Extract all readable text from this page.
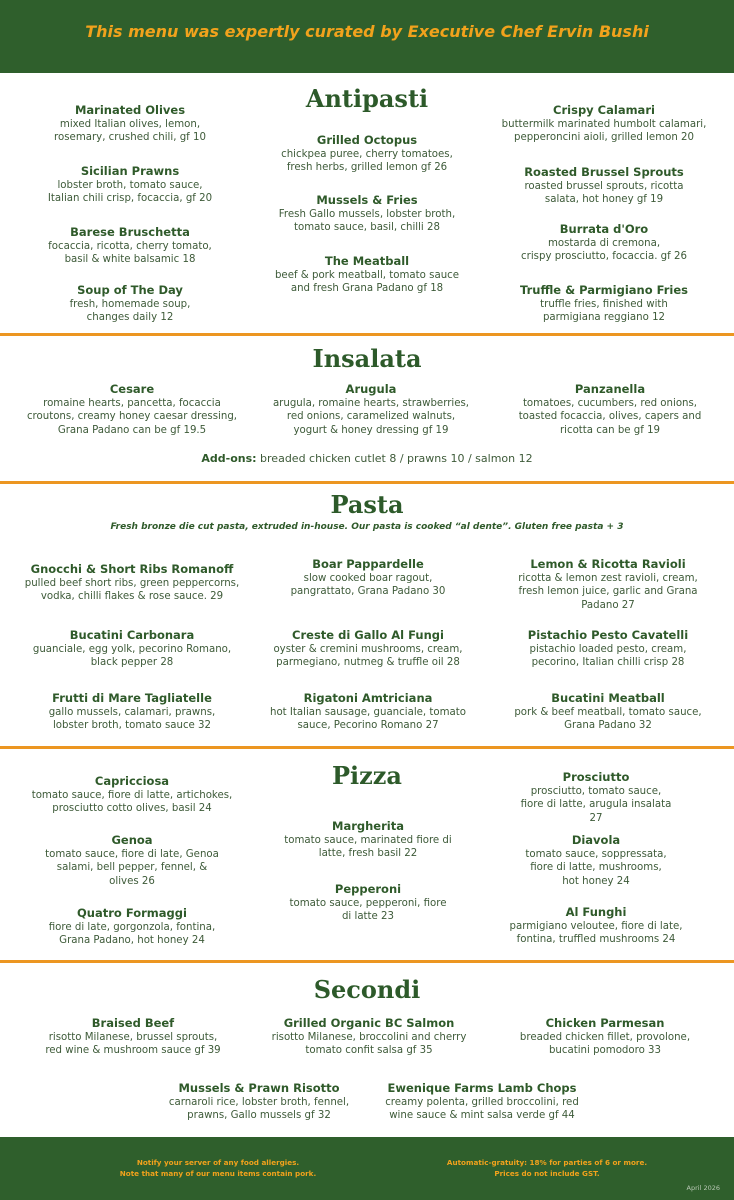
This menu was expertly curated by Executive Chef Ervin Bushi
Antipasti
Marinated Olives
mixed Italian olives, lemon,
rosemary, crushed chili, gf 10
Sicilian Prawns
lobster broth, tomato sauce,
Italian chili crisp, focaccia, gf 20
Barese Bruschetta
focaccia, ricotta, cherry tomato,
basil & white balsamic 18
Soup of The Day
fresh, homemade soup,
changes daily 12
Grilled Octopus
chickpea puree, cherry tomatoes,
fresh herbs, grilled lemon gf 26
Mussels & Fries
Fresh Gallo mussels, lobster broth,
tomato sauce, basil, chilli 28
The Meatball
beef & pork meatball, tomato sauce
and fresh Grana Padano gf 18
Crispy Calamari
buttermilk marinated humbolt calamari,
pepperoncini aioli, grilled lemon 20
Roasted Brussel Sprouts
roasted brussel sprouts, ricotta
salata, hot honey gf 19
Burrata d'Oro
mostarda di cremona,
crispy prosciutto, focaccia. gf 26
Truffle & Parmigiano Fries
truffle fries, finished with
parmigiana reggiano 12
Insalata
Cesare
romaine hearts, pancetta, focaccia
croutons, creamy honey caesar dressing,
Grana Padano can be gf 19.5
Arugula
arugula, romaine hearts, strawberries,
red onions, caramelized walnuts,
yogurt & honey dressing gf 19
Panzanella
tomatoes, cucumbers, red onions,
toasted focaccia, olives, capers and
ricotta can be gf 19
Add-ons: breaded chicken cutlet 8 / prawns 10 / salmon 12
Pasta
Fresh bronze die cut pasta, extruded in-house. Our pasta is cooked “al dente”. Gluten free pasta + 3
Gnocchi & Short Ribs Romanoff
pulled beef short ribs, green peppercorns,
vodka, chilli flakes & rose sauce. 29
Bucatini Carbonara
guanciale, egg yolk, pecorino Romano,
black pepper 28
Frutti di Mare Tagliatelle
gallo mussels, calamari, prawns,
lobster broth, tomato sauce 32
Boar Pappardelle
slow cooked boar ragout,
pangrattato, Grana Padano 30
Creste di Gallo Al Fungi
oyster & cremini mushrooms, cream,
parmegiano, nutmeg & truffle oil 28
Rigatoni Amtriciana
hot Italian sausage, guanciale, tomato
sauce, Pecorino Romano 27
Lemon & Ricotta Ravioli
ricotta & lemon zest ravioli, cream,
fresh lemon juice, garlic and Grana
Padano 27
Pistachio Pesto Cavatelli
pistachio loaded pesto, cream,
pecorino, Italian chilli crisp 28
Bucatini Meatball
pork & beef meatball, tomato sauce,
Grana Padano 32
Pizza
Capricciosa
tomato sauce, fiore di latte, artichokes,
prosciutto cotto olives, basil 24
Genoa
tomato sauce, fiore di late, Genoa
salami, bell pepper, fennel, &
olives 26
Quatro Formaggi
fiore di late, gorgonzola, fontina,
Grana Padano, hot honey 24
Margherita
tomato sauce, marinated fiore di
latte, fresh basil 22
Pepperoni
tomato sauce, pepperoni, fiore
di latte 23
Prosciutto
prosciutto, tomato sauce,
fiore di latte, arugula insalata
27
Diavola
tomato sauce, soppressata,
fiore di latte, mushrooms,
hot honey 24
Al Funghi
parmigiano veloutee, fiore di late,
fontina, truffled mushrooms 24
Secondi
Braised Beef
risotto Milanese, brussel sprouts,
red wine & mushroom sauce gf 39
Grilled Organic BC Salmon
risotto Milanese, broccolini and cherry
tomato confit salsa gf 35
Chicken Parmesan
breaded chicken fillet, provolone,
bucatini pomodoro 33
Mussels & Prawn Risotto
carnaroli rice, lobster broth, fennel,
prawns, Gallo mussels gf 32
Ewenique Farms Lamb Chops
creamy polenta, grilled broccolini, red
wine sauce & mint salsa verde gf 44
Notify your server of any food allergies.
Note that many of our menu items contain pork.
Automatic-gratuity: 18% for parties of 6 or more.
Prices do not include GST.
April 2026
